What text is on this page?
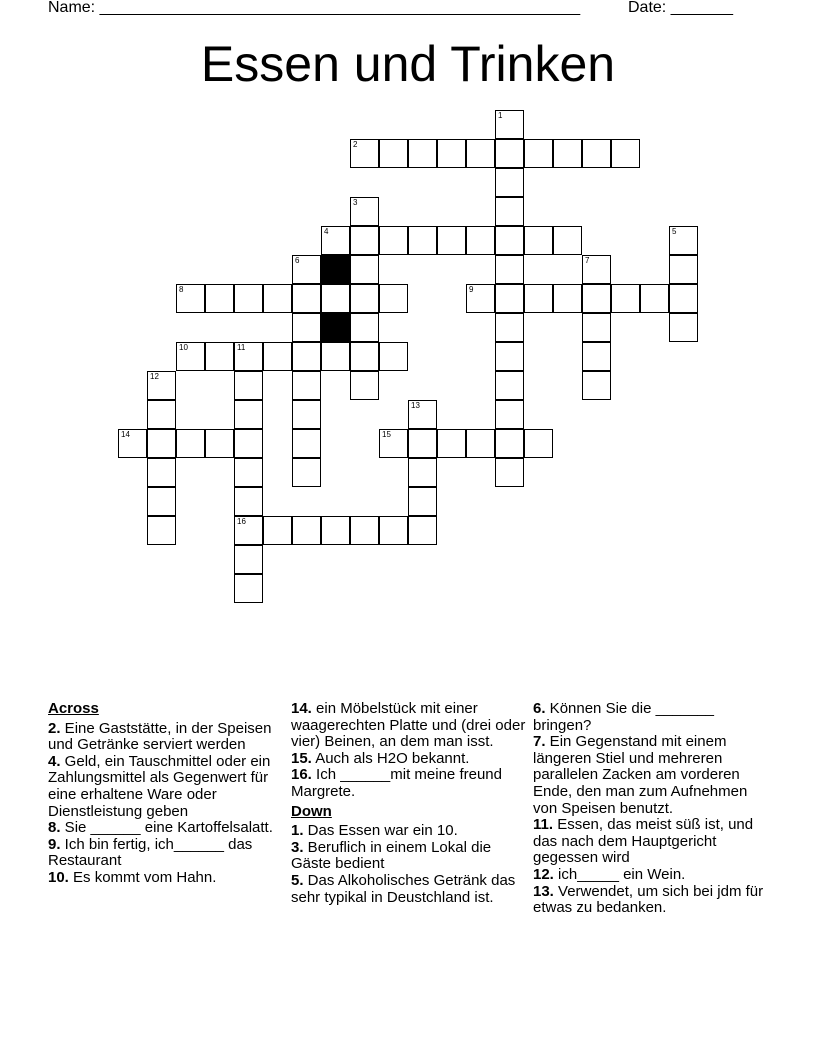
Name: ______________________________________________________	Date: _______
Essen und Trinken
2
4
8	9
10	11
14	15
16
1
3
5
6	7
12
13
Across
2. Eine Gaststätte, in der Speisen und Getränke serviert werden
4. Geld, ein Tauschmittel oder ein Zahlungsmittel als Gegenwert für eine erhaltene Ware oder Dienstleistung geben
8. Sie ______ eine Kartoffelsalatt.
9. Ich bin fertig, ich______ das Restaurant
10. Es kommt vom Hahn.
14. ein Möbelstück mit einer waagerechten Platte und (drei oder vier) Beinen, an dem man isst.
15. Auch als H2O bekannt.
16. Ich ______mit meine freund Margrete.
Down
1. Das Essen war ein 10.
3. Beruflich in einem Lokal die Gäste bedient
5. Das Alkoholisches Getränk das sehr typikal in Deustchland ist.
6. Können Sie die _______ bringen?
7. Ein Gegenstand mit einem längeren Stiel und mehreren parallelen Zacken am vorderen Ende, den man zum Aufnehmen von Speisen benutzt.
11. Essen, das meist süß ist, und das nach dem Hauptgericht gegessen wird
12. ich_____ ein Wein.
13. Verwendet, um sich bei jdm für etwas zu bedanken.
